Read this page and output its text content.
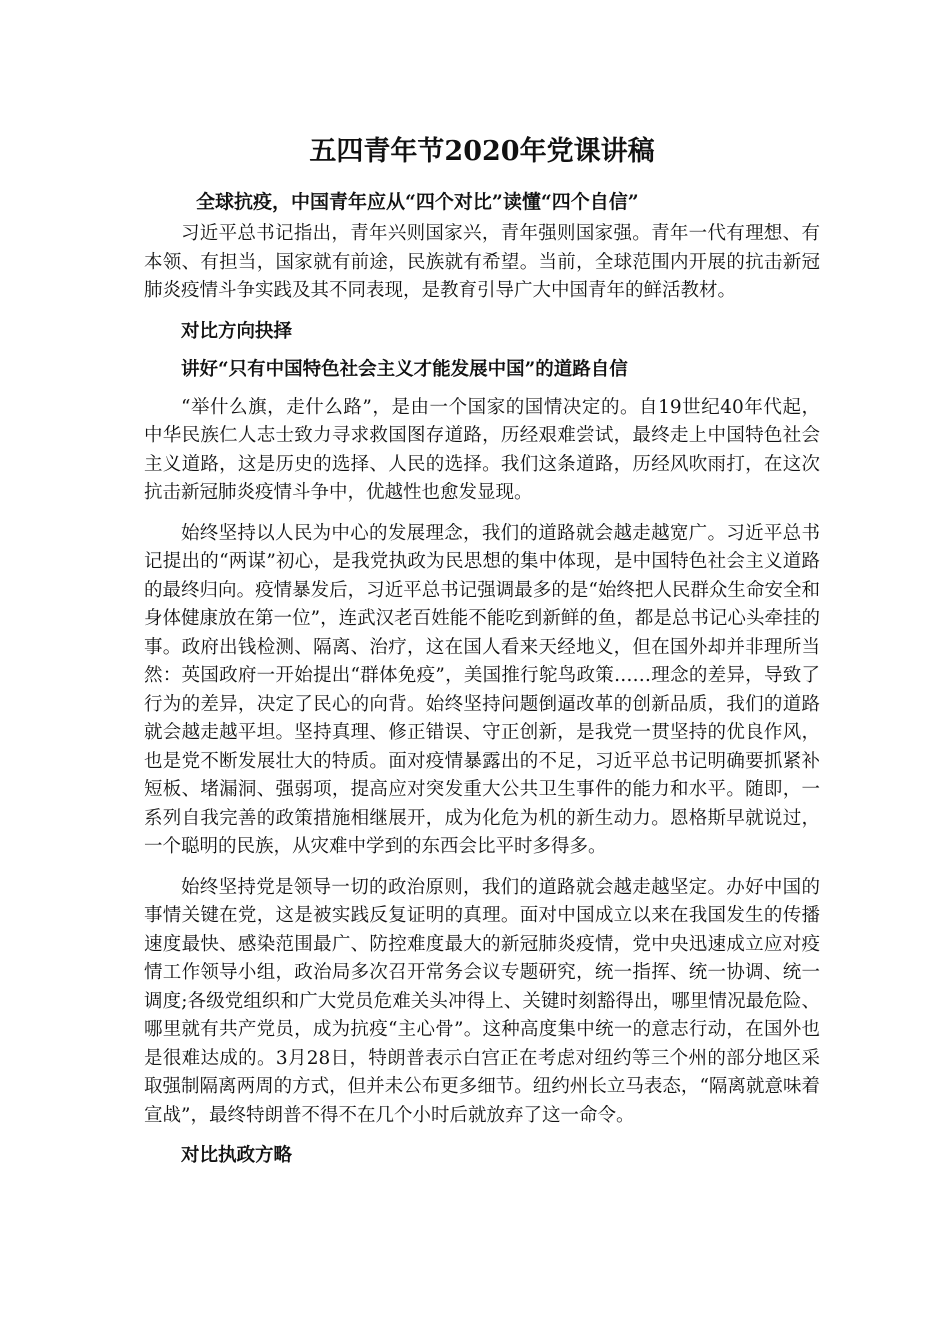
五四青年节2020年党课讲稿
全球抗疫，中国青年应从“四个对比”读懂“四个自信”

习近平总书记指出，青年兴则国家兴，青年强则国家强。青年一代有理想、有本领、有担当，国家就有前途，民族就有希望。当前，全球范围内开展的抗击新冠肺炎疫情斗争实践及其不同表现，是教育引导广大中国青年的鲜活教材。

对比方向抉择
讲好“只有中国特色社会主义才能发展中国”的道路自信

“举什么旗，走什么路”，是由一个国家的国情决定的。自19世纪40年代起，中华民族仁人志士致力寻求救国图存道路，历经艰难尝试，最终走上中国特色社会主义道路，这是历史的选择、人民的选择。我们这条道路，历经风吹雨打，在这次抗击新冠肺炎疫情斗争中，优越性也愈发显现。

始终坚持以人民为中心的发展理念，我们的道路就会越走越宽广。习近平总书记提出的“两谋”初心，是我党执政为民思想的集中体现，是中国特色社会主义道路的最终归向。疫情暴发后，习近平总书记强调最多的是“始终把人民群众生命安全和身体健康放在第一位”，连武汉老百姓能不能吃到新鲜的鱼，都是总书记心头牵挂的事。政府出钱检测、隔离、治疗，这在国人看来天经地义，但在国外却并非理所当然：英国政府一开始提出“群体免疫”，美国推行鸵鸟政策……理念的差异，导致了行为的差异，决定了民心的向背。始终坚持问题倒逼改革的创新品质，我们的道路就会越走越平坦。坚持真理、修正错误、守正创新，是我党一贯坚持的优良作风，也是党不断发展壮大的特质。面对疫情暴露出的不足，习近平总书记明确要抓紧补短板、堵漏洞、强弱项，提高应对突发重大公共卫生事件的能力和水平。随即，一系列自我完善的政策措施相继展开，成为化危为机的新生动力。恩格斯早就说过，一个聪明的民族，从灾难中学到的东西会比平时多得多。

始终坚持党是领导一切的政治原则，我们的道路就会越走越坚定。办好中国的事情关键在党，这是被实践反复证明的真理。面对中国成立以来在我国发生的传播速度最快、感染范围最广、防控难度最大的新冠肺炎疫情，党中央迅速成立应对疫情工作领导小组，政治局多次召开常务会议专题研究，统一指挥、统一协调、统一调度;各级党组织和广大党员危难关头冲得上、关键时刻豁得出，哪里情况最危险、哪里就有共产党员，成为抗疫“主心骨”。这种高度集中统一的意志行动，在国外也是很难达成的。3月28日，特朗普表示白宫正在考虑对纽约等三个州的部分地区采取强制隔离两周的方式，但并未公布更多细节。纽约州长立马表态，“隔离就意味着宣战”，最终特朗普不得不在几个小时后就放弃了这一命令。

对比执政方略
